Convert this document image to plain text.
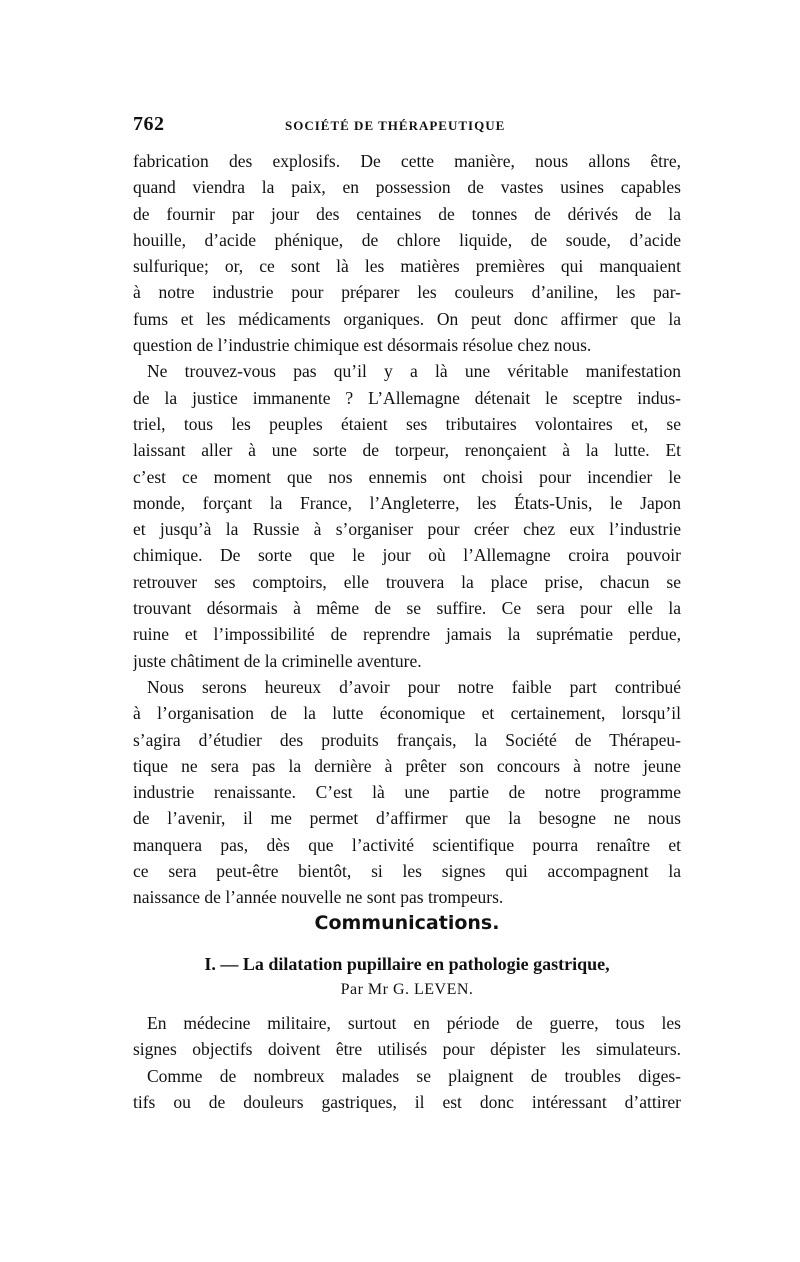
762	SOCIÉTÉ DE THÉRAPEUTIQUE
fabrication des explosifs. De cette manière, nous allons être,
quand viendra la paix, en possession de vastes usines capables
de fournir par jour des centaines de tonnes de dérivés de la
houille, d’acide phénique, de chlore liquide, de soude, d’acide
sulfurique; or, ce sont là les matières premières qui manquaient
à notre industrie pour préparer les couleurs d’aniline, les par-
fums et les médicaments organiques. On peut donc affirmer que la
question de l’industrie chimique est désormais résolue chez nous.
Ne trouvez-vous pas qu’il y a là une véritable manifestation
de la justice immanente ? L’Allemagne détenait le sceptre indus-
triel, tous les peuples étaient ses tributaires volontaires et, se
laissant aller à une sorte de torpeur, renonçaient à la lutte. Et
c’est ce moment que nos ennemis ont choisi pour incendier le
monde, forçant la France, l’Angleterre, les États-Unis, le Japon
et jusqu’à la Russie à s’organiser pour créer chez eux l’industrie
chimique. De sorte que le jour où l’Allemagne croira pouvoir
retrouver ses comptoirs, elle trouvera la place prise, chacun se
trouvant désormais à même de se suffire. Ce sera pour elle la
ruine et l’impossibilité de reprendre jamais la suprématie perdue,
juste châtiment de la criminelle aventure.
Nous serons heureux d’avoir pour notre faible part contribué
à l’organisation de la lutte économique et certainement, lorsqu’il
s’agira d’étudier des produits français, la Société de Thérapeu-
tique ne sera pas la dernière à prêter son concours à notre jeune
industrie renaissante. C’est là une partie de notre programme
de l’avenir, il me permet d’affirmer que la besogne ne nous
manquera pas, dès que l’activité scientifique pourra renaître et
ce sera peut-être bientôt, si les signes qui accompagnent la
naissance de l’année nouvelle ne sont pas trompeurs.
Communications.
I. — La dilatation pupillaire en pathologie gastrique,
Par Mr G. LEVEN.
En médecine militaire, surtout en période de guerre, tous les
signes objectifs doivent être utilisés pour dépister les simulateurs.
Comme de nombreux malades se plaignent de troubles diges-
tifs ou de douleurs gastriques, il est donc intéressant d’attirer
